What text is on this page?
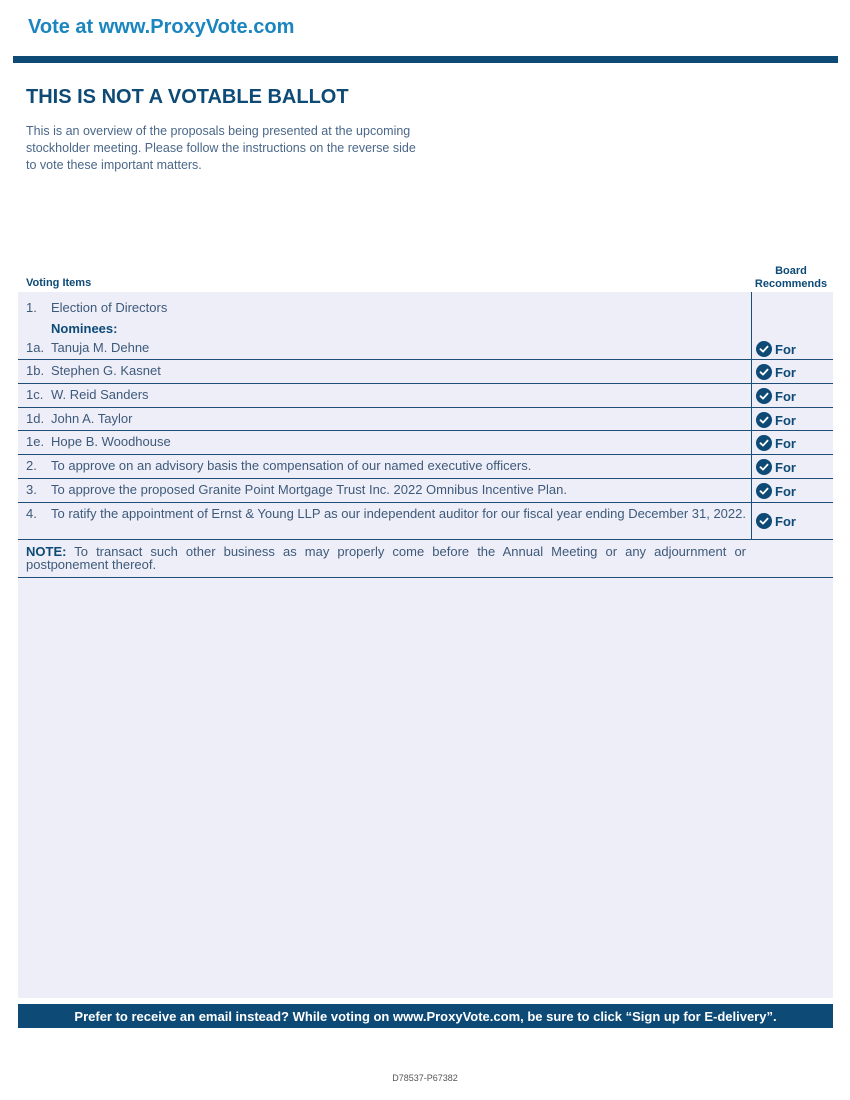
Vote at www.ProxyVote.com
THIS IS NOT A VOTABLE BALLOT
This is an overview of the proposals being presented at the upcoming stockholder meeting. Please follow the instructions on the reverse side to vote these important matters.
Voting Items
Board
Recommends
1. Election of Directors
Nominees:
1a. Tanuja M. Dehne	For
1b. Stephen G. Kasnet	For
1c. W. Reid Sanders	For
1d. John A. Taylor	For
1e. Hope B. Woodhouse	For
2. To approve on an advisory basis the compensation of our named executive officers.	For
3. To approve the proposed Granite Point Mortgage Trust Inc. 2022 Omnibus Incentive Plan.	For
4. To ratify the appointment of Ernst & Young LLP as our independent auditor for our fiscal year ending December 31, 2022.	For
NOTE: To transact such other business as may properly come before the Annual Meeting or any adjournment or postponement thereof.
Prefer to receive an email instead? While voting on www.ProxyVote.com, be sure to click “Sign up for E-delivery”.
D78537-P67382
